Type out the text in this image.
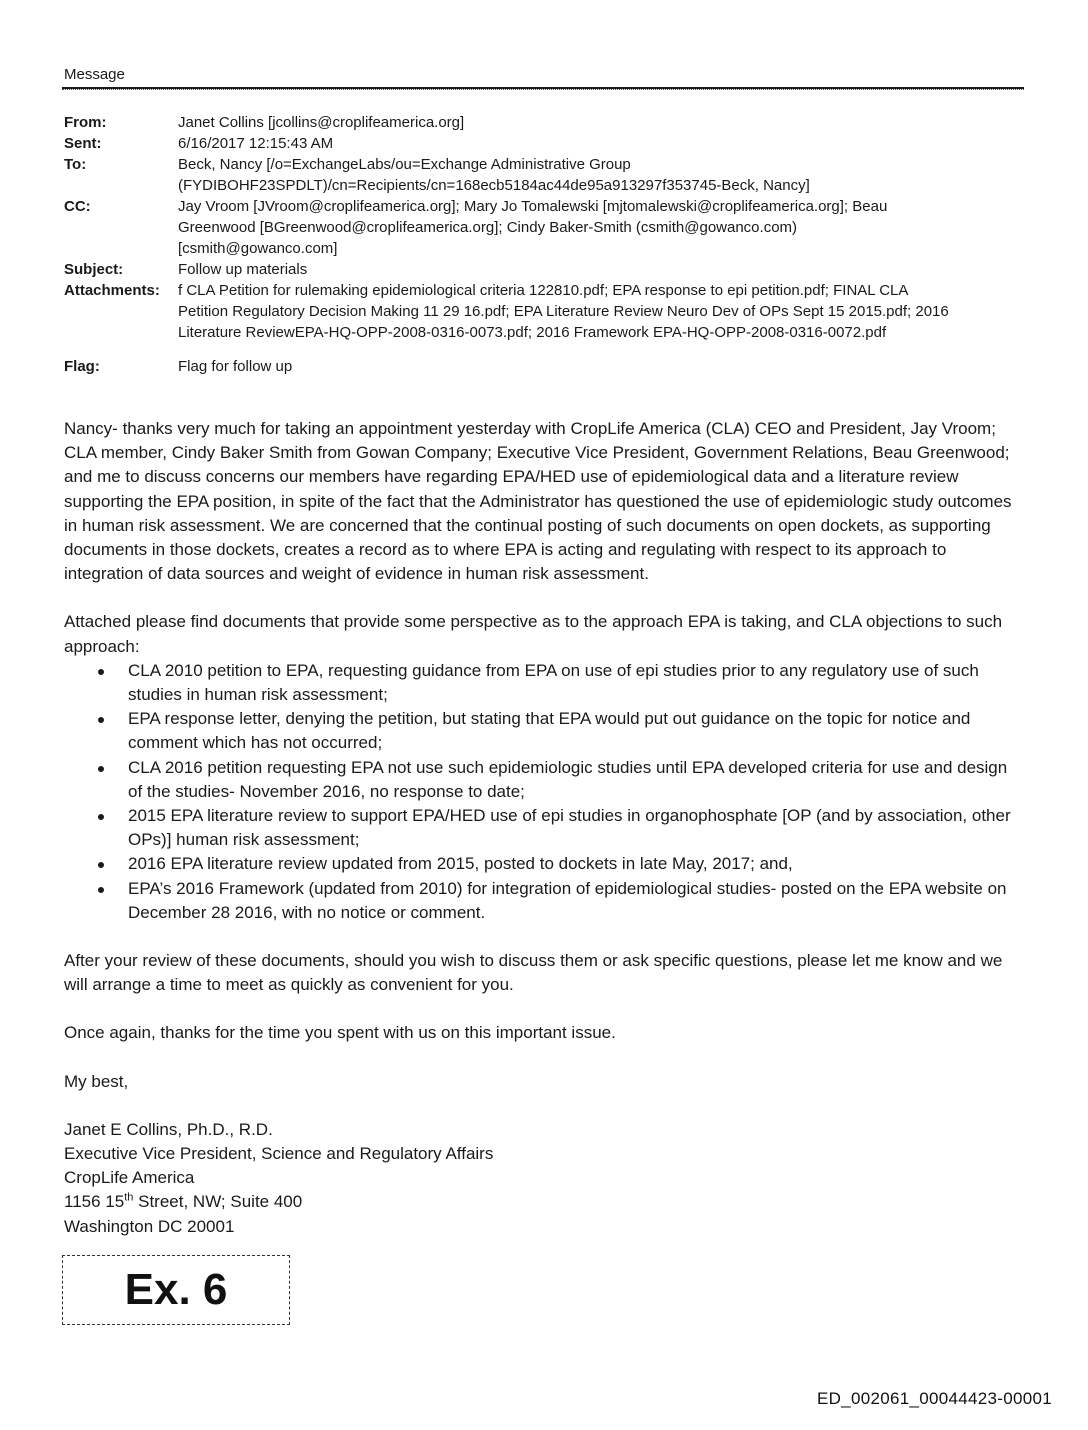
Message
From:	Janet Collins [jcollins@croplifeamerica.org]
Sent:	6/16/2017 12:15:43 AM
To:	Beck, Nancy [/o=ExchangeLabs/ou=Exchange Administrative Group
(FYDIBOHF23SPDLT)/cn=Recipients/cn=168ecb5184ac44de95a913297f353745-Beck, Nancy]
CC:	Jay Vroom [JVroom@croplifeamerica.org]; Mary Jo Tomalewski [mjtomalewski@croplifeamerica.org]; Beau
Greenwood [BGreenwood@croplifeamerica.org]; Cindy Baker-Smith (csmith@gowanco.com)
[csmith@gowanco.com]
Subject:	Follow up materials
Attachments:	f CLA Petition for rulemaking epidemiological criteria 122810.pdf; EPA response to epi petition.pdf; FINAL CLA
Petition Regulatory Decision Making 11 29 16.pdf; EPA Literature Review Neuro Dev of OPs Sept 15 2015.pdf; 2016
Literature ReviewEPA-HQ-OPP-2008-0316-0073.pdf; 2016 Framework EPA-HQ-OPP-2008-0316-0072.pdf
Flag:	Flag for follow up

Nancy- thanks very much for taking an appointment yesterday with CropLife America (CLA) CEO and President, Jay Vroom; CLA member, Cindy Baker Smith from Gowan Company; Executive Vice President, Government Relations, Beau Greenwood; and me to discuss concerns our members have regarding EPA/HED use of epidemiological data and a literature review supporting the EPA position, in spite of the fact that the Administrator has questioned the use of epidemiologic study outcomes in human risk assessment. We are concerned that the continual posting of such documents on open dockets, as supporting documents in those dockets, creates a record as to where EPA is acting and regulating with respect to its approach to integration of data sources and weight of evidence in human risk assessment.

Attached please find documents that provide some perspective as to the approach EPA is taking, and CLA objections to such approach:

CLA 2010 petition to EPA, requesting guidance from EPA on use of epi studies prior to any regulatory use of such studies in human risk assessment;
EPA response letter, denying the petition, but stating that EPA would put out guidance on the topic for notice and comment which has not occurred;
CLA 2016 petition requesting EPA not use such epidemiologic studies until EPA developed criteria for use and design of the studies- November 2016, no response to date;
2015 EPA literature review to support EPA/HED use of epi studies in organophosphate [OP (and by association, other OPs)] human risk assessment;
2016 EPA literature review updated from 2015, posted to dockets in late May, 2017; and,
EPA’s 2016 Framework (updated from 2010) for integration of epidemiological studies- posted on the EPA website on December 28 2016, with no notice or comment.

After your review of these documents, should you wish to discuss them or ask specific questions, please let me know and we will arrange a time to meet as quickly as convenient for you.

Once again, thanks for the time you spent with us on this important issue.

My best,

Janet E Collins, Ph.D., R.D.
Executive Vice President, Science and Regulatory Affairs
CropLife America
1156 15th Street, NW; Suite 400
Washington DC 20001
Ex. 6
ED_002061_00044423-00001
